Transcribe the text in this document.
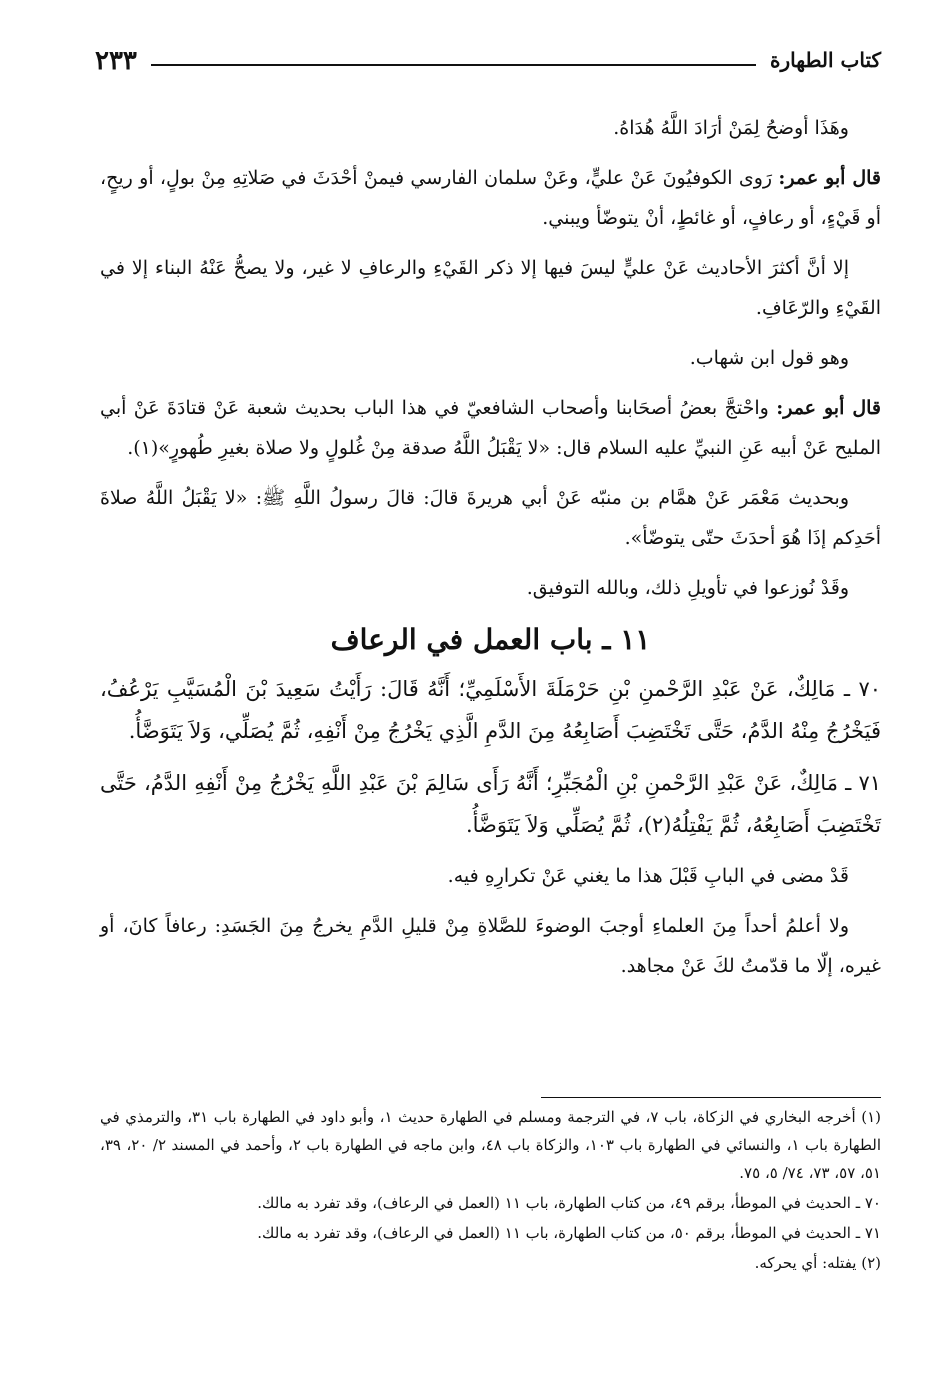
كتاب الطهارة
٢٣٣

وهَذَا أوضحُ لِمَنْ أرَادَ اللَّهُ هُدَاهُ.

قال أبو عمر: رَوى الكوفيُونَ عَنْ عليٍّ، وعَنْ سلمان الفارسي فيمنْ أحْدَثَ في صَلاتِهِ مِنْ بولٍ، أو ريحٍ، أو قَيْءٍ، أو رعافٍ، أو غائطٍ، أنْ يتوضّأ ويبني.

إلا أنَّ أكثرَ الأحاديث عَنْ عليٍّ ليسَ فيها إلا ذكر القَيْءِ والرعافِ لا غير، ولا يصحُّ عَنْهُ البناء إلا في القَيْءِ والرّعَافِ.

وهو قول ابن شهاب.

قال أبو عمر: واحْتجَّ بعضُ أصحَابنا وأصحاب الشافعيّ في هذا الباب بحديث شعبة عَنْ قتادَةَ عَنْ أبي المليح عَنْ أبيه عَنِ النبيِّ عليه السلام قال: «لا يَقْبَلُ اللَّهُ صدقة مِنْ غُلولٍ ولا صلاة بغيرِ طُهورٍ»(١).

وبحديث مَعْمَر عَنْ همَّام بن منبّه عَنْ أبي هريرةَ قالَ: قالَ رسولُ اللَّهِ ﷺ: «لا يَقْبَلُ اللَّهُ صلاةَ أحَدِكم إذَا هُوَ أحدَثَ حتّى يتوضّأ».

وقَدْ نُوزعوا في تأويلِ ذلك، وبالله التوفيق.

١١ ـ باب العمل في الرعاف

٧٠ ـ مَالِكٌ، عَنْ عَبْدِ الرَّحْمنِ بْنِ حَرْمَلَةَ الأَسْلَمِيِّ؛ أَنَّهُ قَالَ: رَأَيْتُ سَعِيدَ بْنَ الْمُسَيَّبِ يَرْعُفُ، فَيَخْرُجُ مِنْهُ الدَّمُ، حَتَّى تَخْتَضِبَ أَصَابِعُهُ مِنَ الدَّمِ الَّذِي يَخْرُجُ مِنْ أَنْفِهِ، ثُمَّ يُصَلِّي، وَلاَ يَتَوَضَّأُ.

٧١ ـ مَالِكٌ، عَنْ عَبْدِ الرَّحْمنِ بْنِ الْمُجَبِّرِ؛ أَنَّهُ رَأَى سَالِمَ بْنَ عَبْدِ اللَّهِ يَخْرُجُ مِنْ أَنْفِهِ الدَّمُ، حَتَّى تَخْتَضِبَ أَصَابِعُهُ، ثُمَّ يَفْتِلُهُ(٢)، ثُمَّ يُصَلِّي وَلاَ يَتَوَضَّأُ.

قَدْ مضى في البابِ قَبْلَ هذا ما يغني عَنْ تكرارِهِ فيه.

ولا أعلمُ أحداً مِنَ العلماءِ أوجبَ الوضوءَ للصَّلاةِ مِنْ قليلِ الدَّمِ يخرجُ مِنَ الجَسَدِ: رعافاً كانَ، أو غيره، إلّا ما قدّمتُ لكَ عَنْ مجاهد.

(١) أخرجه البخاري في الزكاة، باب ٧، في الترجمة ومسلم في الطهارة حديث ١، وأبو داود في الطهارة باب ٣١، والترمذي في الطهارة باب ١، والنسائي في الطهارة باب ١٠٣، والزكاة باب ٤٨، وابن ماجه في الطهارة باب ٢، وأحمد في المسند ٢/ ٢٠، ٣٩، ٥١، ٥٧، ٧٣، ٧٤/ ٥، ٧٥.

٧٠ ـ الحديث في الموطأ، برقم ٤٩، من كتاب الطهارة، باب ١١ (العمل في الرعاف)، وقد تفرد به مالك.

٧١ ـ الحديث في الموطأ، برقم ٥٠، من كتاب الطهارة، باب ١١ (العمل في الرعاف)، وقد تفرد به مالك.

(٢) يفتله: أي يحركه.
